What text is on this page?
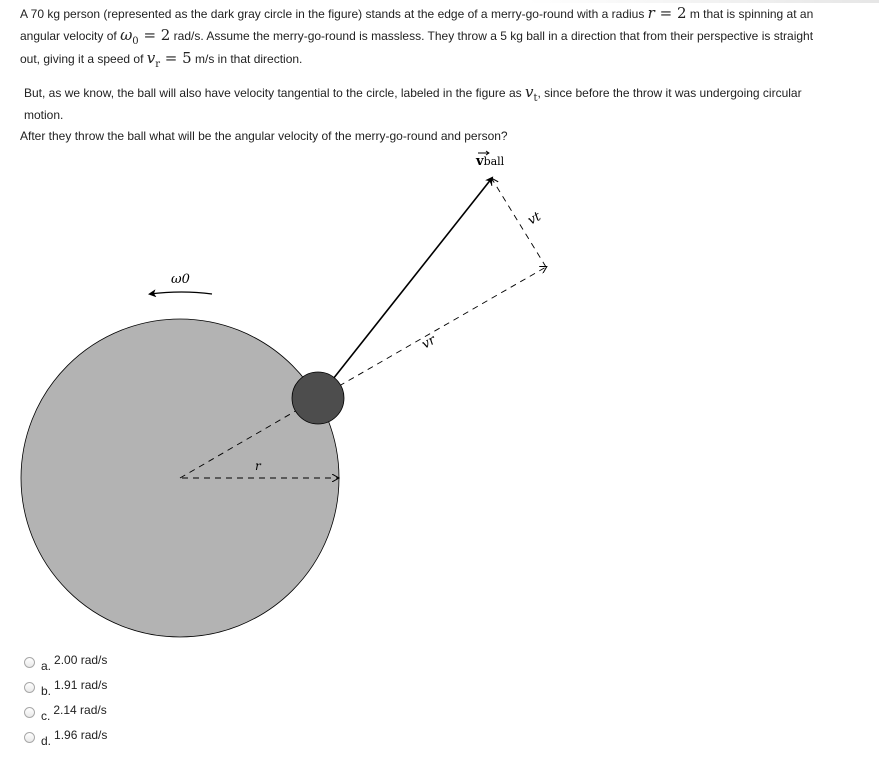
A 70 kg person (represented as the dark gray circle in the figure) stands at the edge of a merry-go-round with a radius r = 2 m that is spinning at an angular velocity of $\omega_0 = 2$ rad/s. Assume the merry-go-round is massless. They throw a 5 kg ball in a direction that from their perspective is straight out, giving it a speed of $v_r = 5$ m/s in that direction.
But, as we know, the ball will also have velocity tangential to the circle, labeled in the figure as $v_t$, since before the throw it was undergoing circular motion.
After they throw the ball what will be the angular velocity of the merry-go-round and person?
r
vr
vt
vball
ω0
a. 2.00 rad/s
b. 1.91 rad/s
c. 2.14 rad/s
d. 1.96 rad/s
